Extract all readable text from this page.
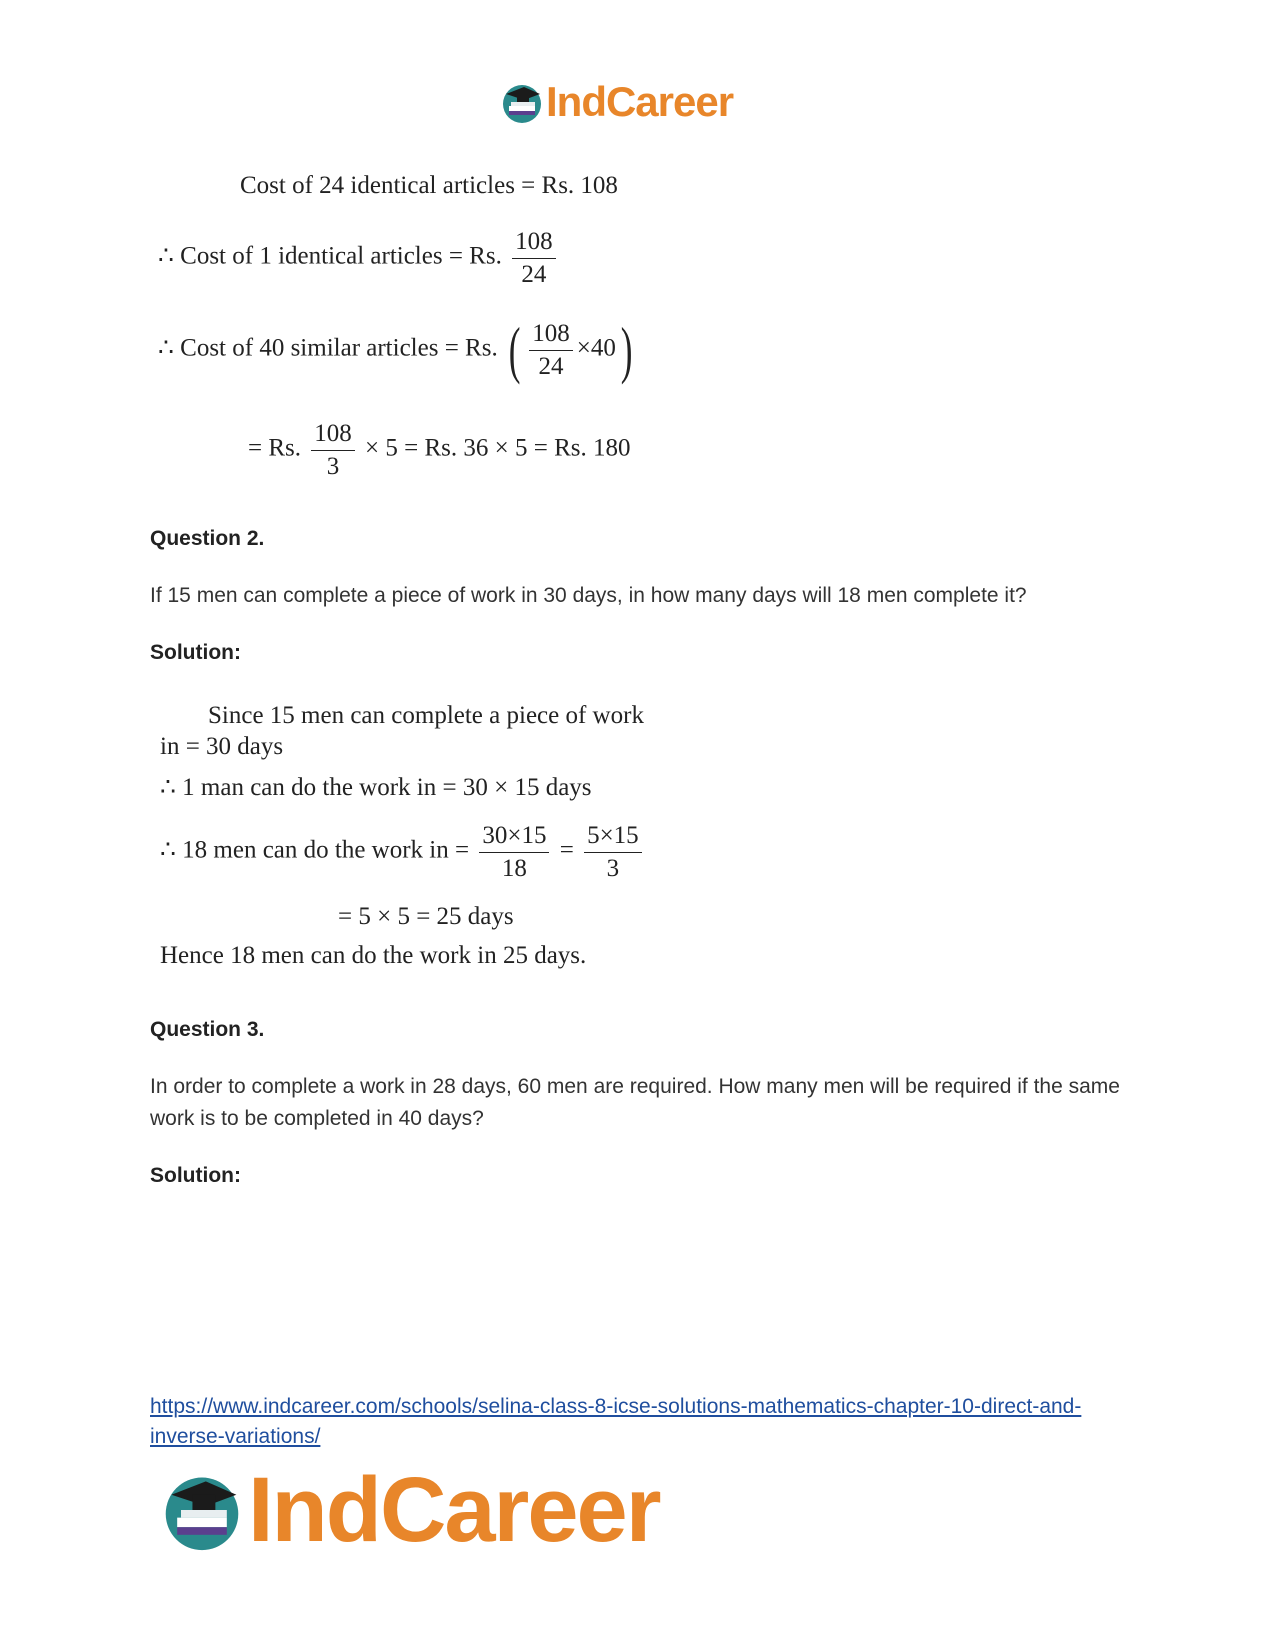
IndCareer
Cost of 24 identical articles = Rs. 108
∴ Cost of 1 identical articles = Rs. $\frac{108}{24}$
∴ Cost of 40 similar articles = Rs. ( $\frac{108}{24} \times 40$)
= Rs. $\frac{108}{3} \times 5 = Rs$. 36 × 5 = Rs. 180
Question 2.
If 15 men can complete a piece of work in 30 days, in how many days will 18 men complete it?
Solution:
Since 15 men can complete a piece of work
in = 30 days
∴ 1 man can do the work in = 30 × 15 days
∴ 18 men can do the work in = $\frac{30\times 15}{18} = \frac{5\times 15}{3}$
= 5 × 5 = 25 days
Hence 18 men can do the work in 25 days.
Question 3.
In order to complete a work in 28 days, 60 men are required. How many men will be required if the same work is to be completed in 40 days?
Solution:
https://www.indcareer.com/schools/selina-class-8-icse-solutions-mathematics-chapter-10-direct-and-inverse-variations/
IndCareer
